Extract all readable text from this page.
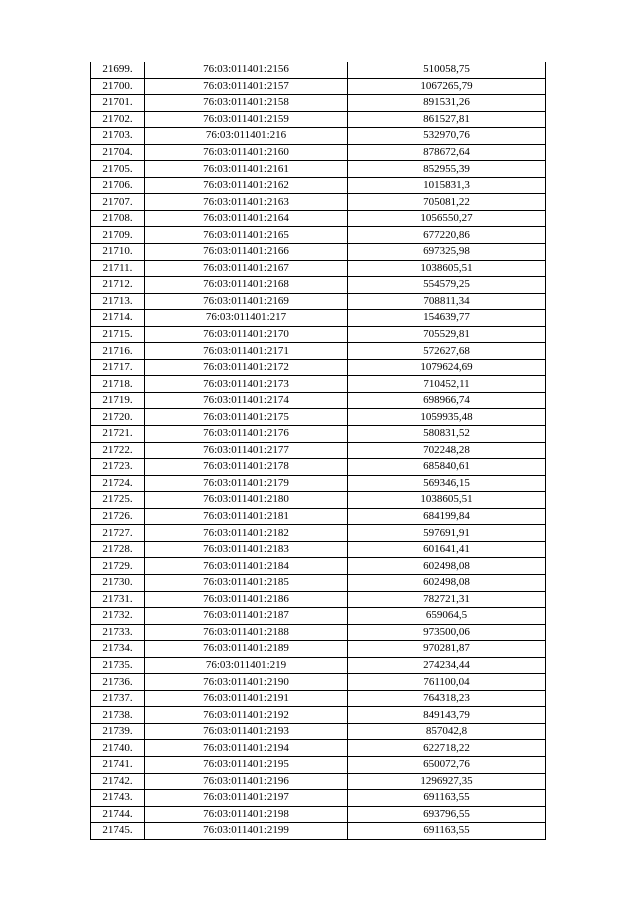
21699.	76:03:011401:2156	510058,75
21700.	76:03:011401:2157	1067265,79
21701.	76:03:011401:2158	891531,26
21702.	76:03:011401:2159	861527,81
21703.	76:03:011401:216	532970,76
21704.	76:03:011401:2160	878672,64
21705.	76:03:011401:2161	852955,39
21706.	76:03:011401:2162	1015831,3
21707.	76:03:011401:2163	705081,22
21708.	76:03:011401:2164	1056550,27
21709.	76:03:011401:2165	677220,86
21710.	76:03:011401:2166	697325,98
21711.	76:03:011401:2167	1038605,51
21712.	76:03:011401:2168	554579,25
21713.	76:03:011401:2169	708811,34
21714.	76:03:011401:217	154639,77
21715.	76:03:011401:2170	705529,81
21716.	76:03:011401:2171	572627,68
21717.	76:03:011401:2172	1079624,69
21718.	76:03:011401:2173	710452,11
21719.	76:03:011401:2174	698966,74
21720.	76:03:011401:2175	1059935,48
21721.	76:03:011401:2176	580831,52
21722.	76:03:011401:2177	702248,28
21723.	76:03:011401:2178	685840,61
21724.	76:03:011401:2179	569346,15
21725.	76:03:011401:2180	1038605,51
21726.	76:03:011401:2181	684199,84
21727.	76:03:011401:2182	597691,91
21728.	76:03:011401:2183	601641,41
21729.	76:03:011401:2184	602498,08
21730.	76:03:011401:2185	602498,08
21731.	76:03:011401:2186	782721,31
21732.	76:03:011401:2187	659064,5
21733.	76:03:011401:2188	973500,06
21734.	76:03:011401:2189	970281,87
21735.	76:03:011401:219	274234,44
21736.	76:03:011401:2190	761100,04
21737.	76:03:011401:2191	764318,23
21738.	76:03:011401:2192	849143,79
21739.	76:03:011401:2193	857042,8
21740.	76:03:011401:2194	622718,22
21741.	76:03:011401:2195	650072,76
21742.	76:03:011401:2196	1296927,35
21743.	76:03:011401:2197	691163,55
21744.	76:03:011401:2198	693796,55
21745.	76:03:011401:2199	691163,55
